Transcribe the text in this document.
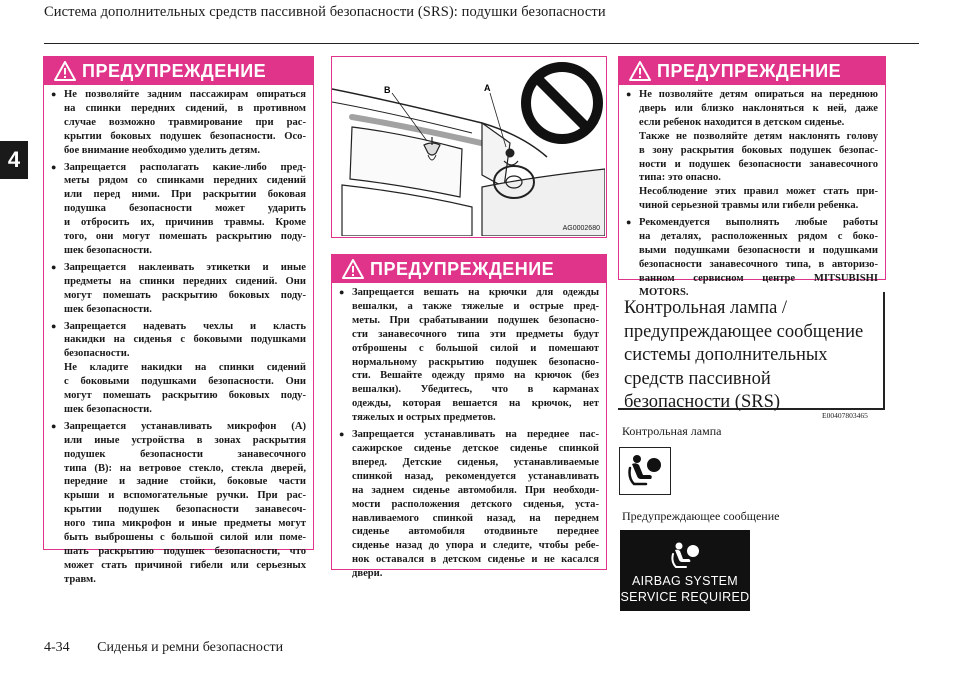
Система дополнительных средств пассивной безопасности (SRS): подушки безопасности
4
ПРЕДУПРЕЖДЕНИЕ
● Не позволяйте задним пассажирам опираться
на спинки передних сидений, в противном
случае возможно травмирование при рас-
крытии боковых подушек безопасности. Осо-
бое внимание необходимо уделить детям.
● Запрещается располагать какие-либо пред-
меты рядом со спинками передних сидений
или перед ними. При раскрытии боковая
подушка безопасности может ударить
и отбросить их, причинив травмы. Кроме
того, они могут помешать раскрытию поду-
шек безопасности.
● Запрещается наклеивать этикетки и иные
предметы на спинки передних сидений. Они
могут помешать раскрытию боковых поду-
шек безопасности.
● Запрещается надевать чехлы и класть
накидки на сиденья с боковыми подушками
безопасности.
Не кладите накидки на спинки сидений
с боковыми подушками безопасности. Они
могут помешать раскрытию боковых поду-
шек безопасности.
● Запрещается устанавливать микрофон (A)
или иные устройства в зонах раскрытия
подушек безопасности занавесочного
типа (B): на ветровое стекло, стекла дверей,
передние и задние стойки, боковые части
крыши и вспомогательные ручки. При рас-
крытии подушек безопасности занавесоч-
ного типа микрофон и иные предметы могут
быть выброшены с большой силой или поме-
шать раскрытию подушек безопасности, что
может стать причиной гибели или серьезных
травм.
B	A
AG0002680
ПРЕДУПРЕЖДЕНИЕ
● Запрещается вешать на крючки для одежды
вешалки, а также тяжелые и острые пред-
меты. При срабатывании подушек безопасно-
сти занавесочного типа эти предметы будут
отброшены с большой силой и помешают
нормальному раскрытию подушек безопасно-
сти. Вешайте одежду прямо на крючок (без
вешалки). Убедитесь, что в карманах
одежды, которая вешается на крючок, нет
тяжелых и острых предметов.
● Запрещается устанавливать на переднее пас-
сажирское сиденье детское сиденье спинкой
вперед. Детские сиденья, устанавливаемые
спинкой назад, рекомендуется устанавливать
на заднем сиденье автомобиля. При необходи-
мости расположения детского сиденья, уста-
навливаемого спинкой назад, на переднем
сиденье автомобиля отодвиньте переднее
сиденье назад до упора и следите, чтобы ребе-
нок оставался в детском сиденье и не касался
двери.
ПРЕДУПРЕЖДЕНИЕ
● Не позволяйте детям опираться на переднюю
дверь или близко наклоняться к ней, даже
если ребенок находится в детском сиденье.
Также не позволяйте детям наклонять голову
в зону раскрытия боковых подушек безопас-
ности и подушек безопасности занавесочного
типа: это опасно.
Несоблюдение этих правил может стать при-
чиной серьезной травмы или гибели ребенка.
● Рекомендуется выполнять любые работы
на деталях, расположенных рядом с боко-
выми подушками безопасности и подушками
безопасности занавесочного типа, в авторизо-
ванном сервисном центре MITSUBISHI
MOTORS.
Контрольная лампа /
предупреждающее сообщение
системы дополнительных
средств пассивной
безопасности (SRS)
E00407803465
Контрольная лампа
Предупреждающее сообщение
AIRBAG SYSTEM
SERVICE REQUIRED
4-34 Сиденья и ремни безопасности
